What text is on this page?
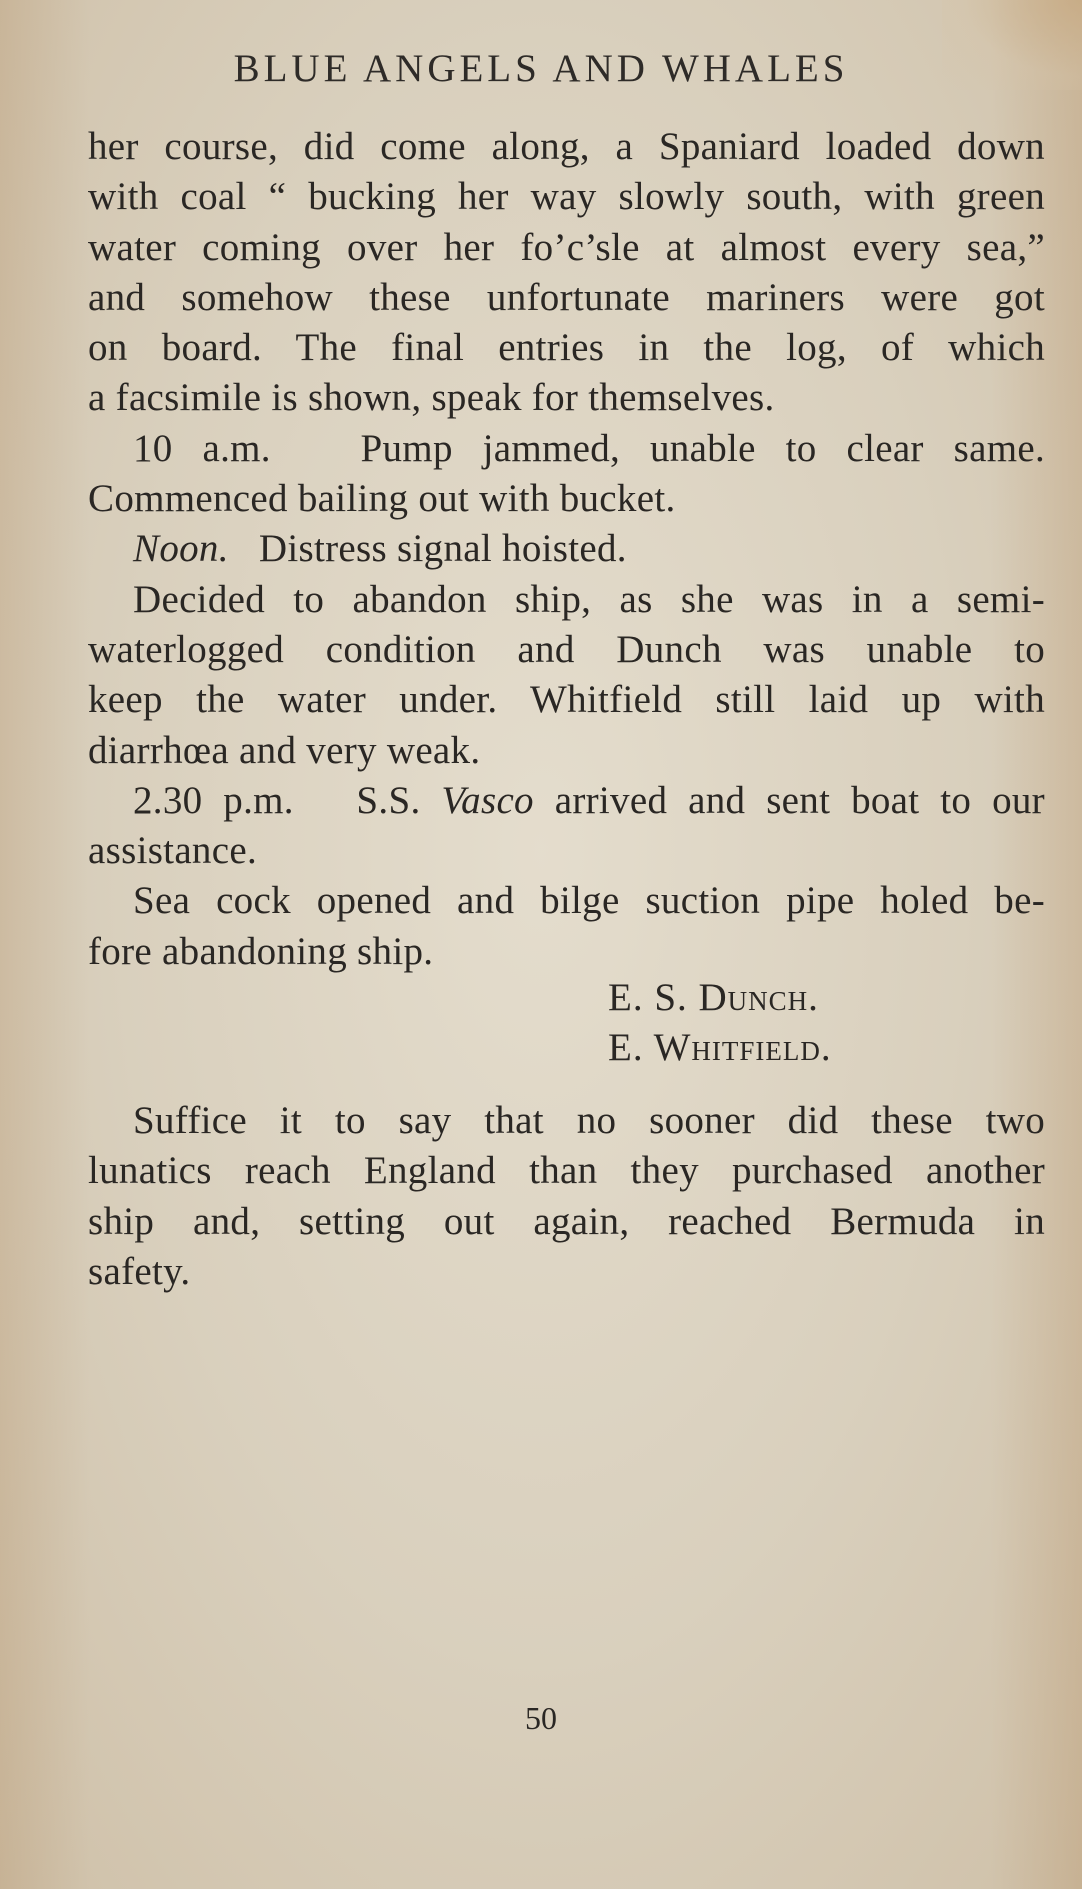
BLUE ANGELS AND WHALES
her course, did come along, a Spaniard loaded down
with coal “ bucking her way slowly south, with green
water coming over her fo’c’sle at almost every sea,”
and somehow these unfortunate mariners were got
on board. The final entries in the log, of which
a facsimile is shown, speak for themselves.
10 a.m. Pump jammed, unable to clear same.
Commenced bailing out with bucket.
Noon. Distress signal hoisted.
Decided to abandon ship, as she was in a semi-
waterlogged condition and Dunch was unable to
keep the water under. Whitfield still laid up with
diarrhœa and very weak.
2.30 p.m. S.S. Vasco arrived and sent boat to our
assistance.
Sea cock opened and bilge suction pipe holed be-
fore abandoning ship.
E. S. Dunch.
E. Whitfield.
Suffice it to say that no sooner did these two
lunatics reach England than they purchased another
ship and, setting out again, reached Bermuda in
safety.
50
